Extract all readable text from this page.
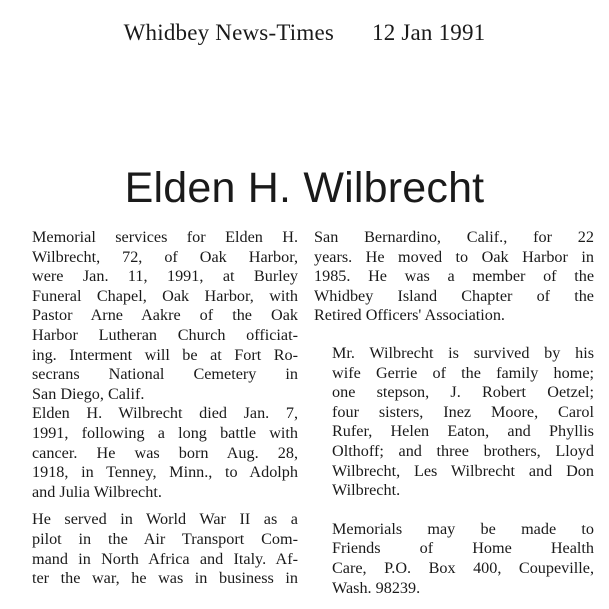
Whidbey News-Times 12 Jan 1991
Elden H. Wilbrecht

Memorial services for Elden H.
Wilbrecht, 72, of Oak Harbor,
were Jan. 11, 1991, at Burley
Funeral Chapel, Oak Harbor, with
Pastor Arne Aakre of the Oak
Harbor Lutheran Church officiat-
ing. Interment will be at Fort Ro-
secrans National Cemetery in
San Diego, Calif.

Elden H. Wilbrecht died Jan. 7,
1991, following a long battle with
cancer. He was born Aug. 28,
1918, in Tenney, Minn., to Adolph
and Julia Wilbrecht.

He served in World War II as a
pilot in the Air Transport Com-
mand in North Africa and Italy. Af-
ter the war, he was in business in

San Bernardino, Calif., for 22
years. He moved to Oak Harbor in
1985. He was a member of the
Whidbey Island Chapter of the
Retired Officers' Association.

Mr. Wilbrecht is survived by his
wife Gerrie of the family home;
one stepson, J. Robert Oetzel;
four sisters, Inez Moore, Carol
Rufer, Helen Eaton, and Phyllis
Olthoff; and three brothers, Lloyd
Wilbrecht, Les Wilbrecht and Don
Wilbrecht.

Memorials may be made to
Friends of Home Health
Care, P.O. Box 400, Coupeville,
Wash. 98239.
